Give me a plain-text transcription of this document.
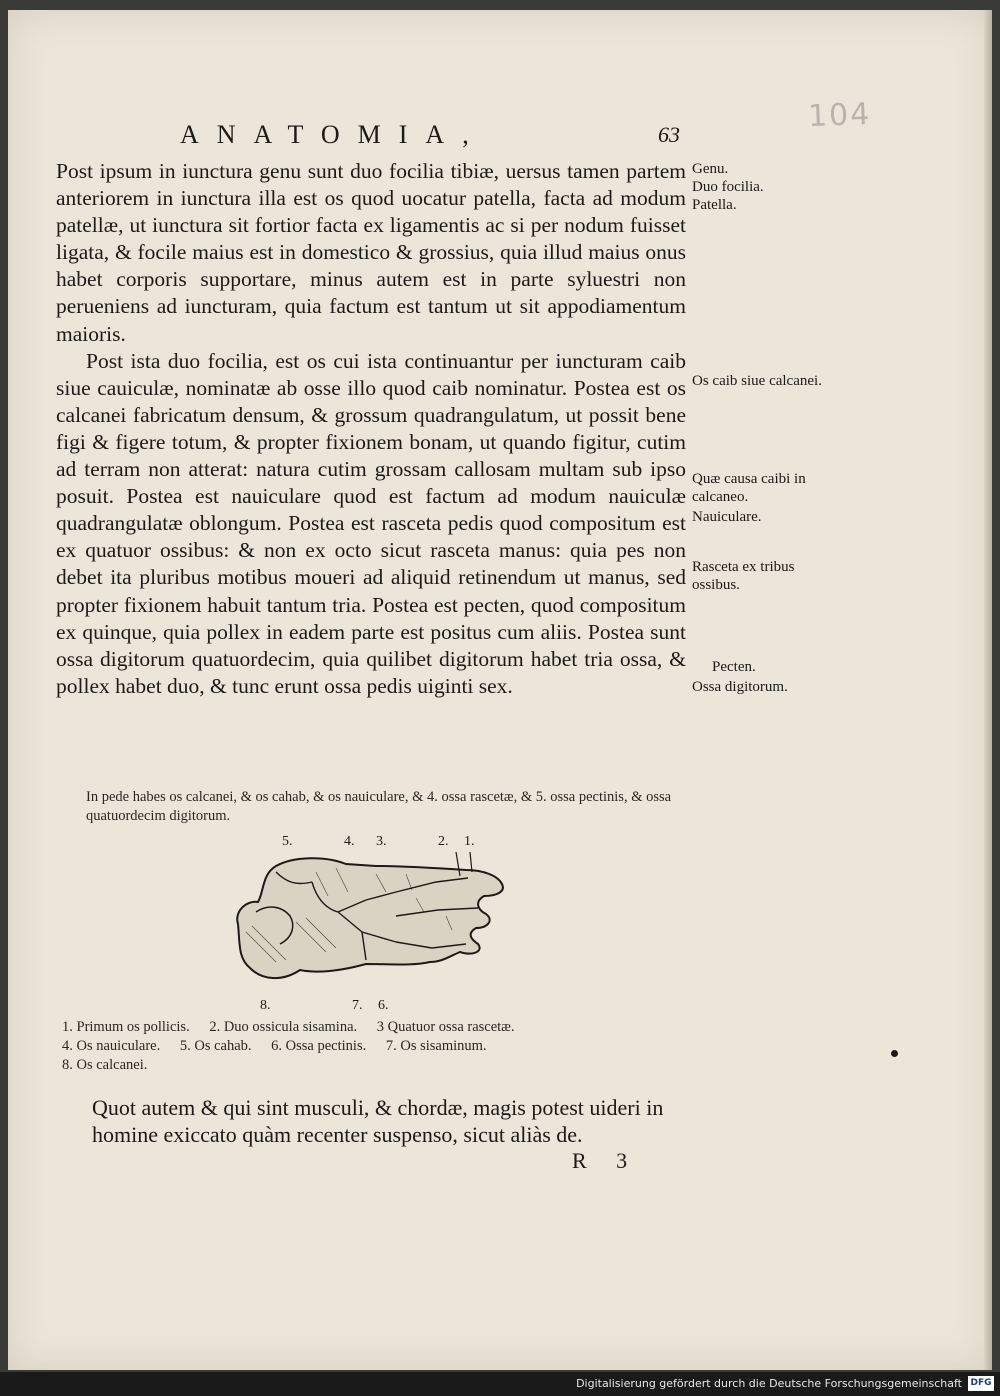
104
ANATOMIA,	63

Post ipsum in iunctura genu sunt duo focilia tibiæ, uersus tamen partem anteriorem in iunctura illa est os quod uocatur patella, facta ad modum patellæ, ut iunctura sit fortior facta ex ligamentis ac si per nodum fuisset ligata, & focile maius est in domestico & grossius, quia illud maius onus habet corporis supportare, minus autem est in parte syluestri non perueniens ad iuncturam, quia factum est tantum ut sit appodiamentum maioris.

Post ista duo focilia, est os cui ista continuantur per iuncturam caib siue cauiculæ, nominatæ ab osse illo quod caib nominatur. Postea est os calcanei fabricatum densum, & grossum quadrangulatum, ut possit bene figi & figere totum, & propter fixionem bonam, ut quando figitur, cutim ad terram non atterat: natura cutim grossam callosam multam sub ipso posuit. Postea est nauiculare quod est factum ad modum nauiculæ quadrangulatæ oblongum. Postea est rasceta pedis quod compositum est ex quatuor ossibus: & non ex octo sicut rasceta manus: quia pes non debet ita pluribus motibus moueri ad aliquid retinendum ut manus, sed propter fixionem habuit tantum tria. Postea est pecten, quod compositum ex quinque, quia pollex in eadem parte est positus cum aliis. Postea sunt ossa digitorum quatuordecim, quia quilibet digitorum habet tria ossa, & pollex habet duo, & tunc erunt ossa pedis uiginti sex.

Genu.
Duo focilia.
Patella.
Os caib siue calcanei.
Quæ causa caibi in calcaneo.
Nauiculare.
Rasceta ex tribus ossibus.
Pecten.
Ossa digitorum.
In pede habes os calcanei, & os cahab, & os nauiculare, & 4. ossa rascetæ, & 5. ossa pectinis, & ossa quatuordecim digitorum.
5.	4. 3.	2. 1.
8.	7. 6.
1. Primum os pollicis. 2. Duo ossicula sisamina. 3 Quatuor ossa rascetæ.
4. Os nauiculare. 5. Os cahab. 6. Ossa pectinis. 7. Os sisaminum.
8. Os calcanei.
Quot autem & qui sint musculi, & chordæ, magis potest uideri in homine exiccato quàm recenter suspenso, sicut aliàs de.
R 3
Digitalisierung gefördert durch die Deutsche Forschungsgemeinschaft DFG
